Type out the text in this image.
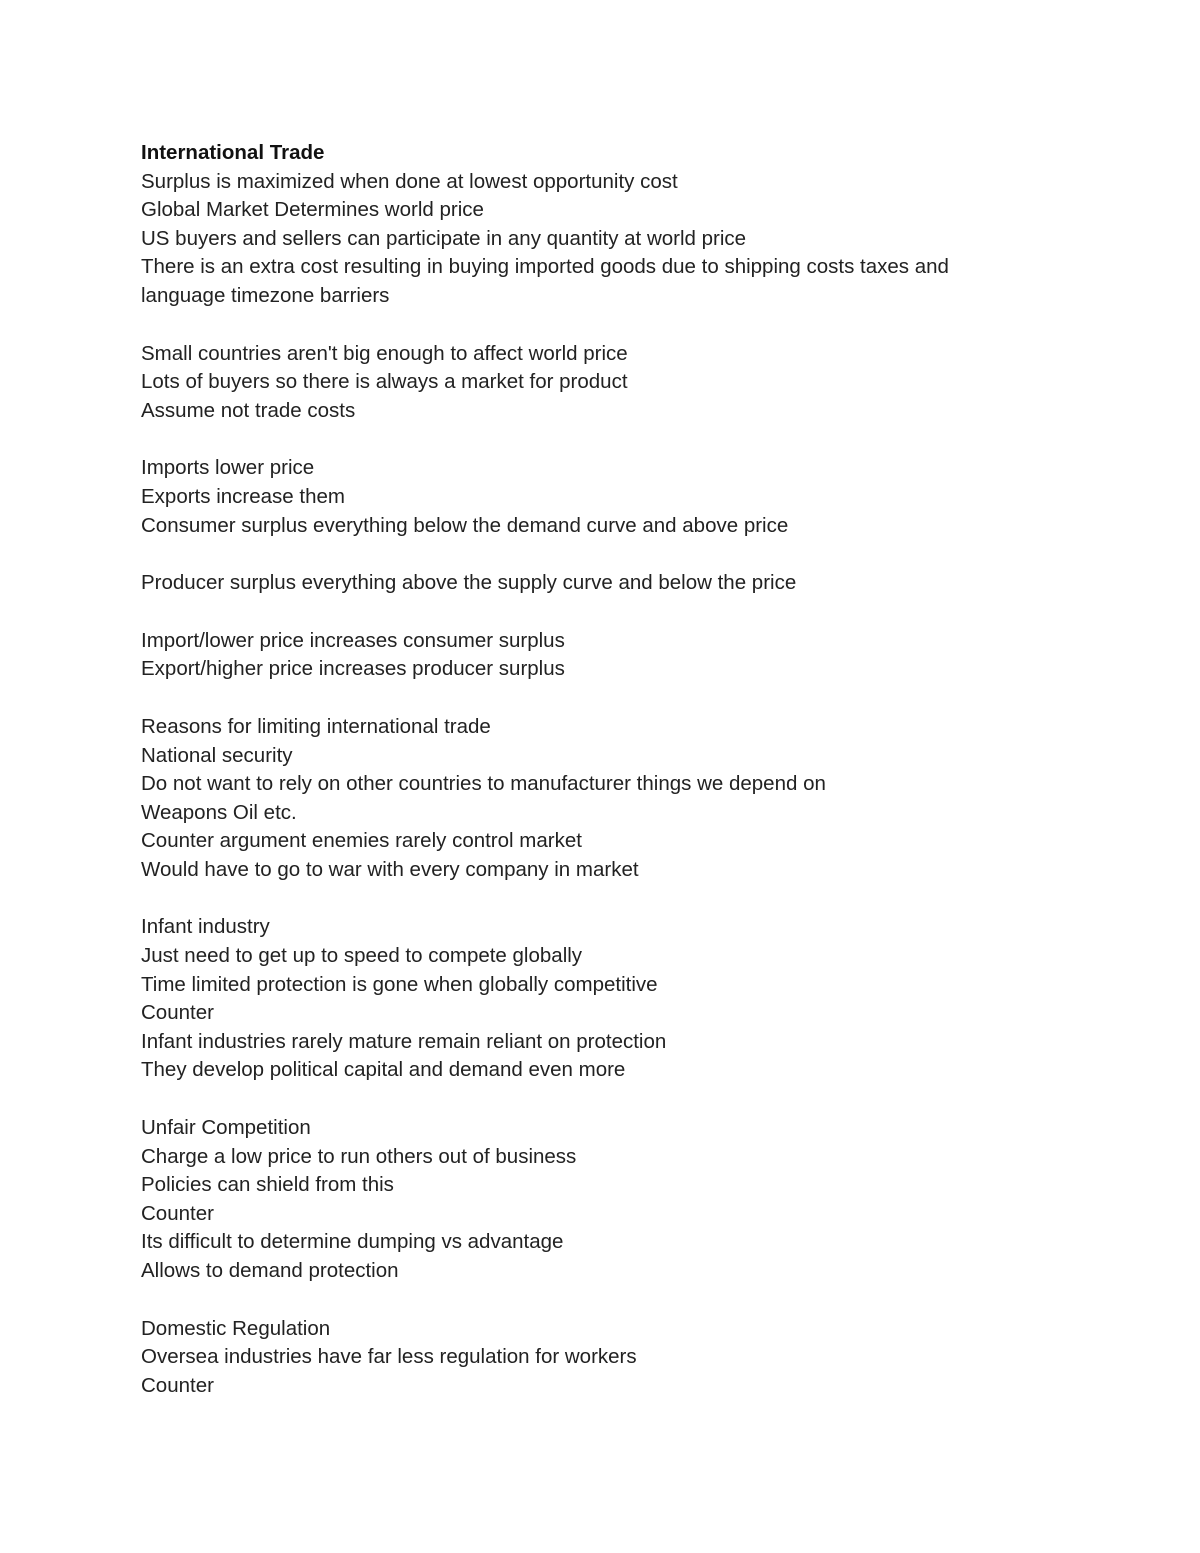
International Trade
Surplus is maximized when done at lowest opportunity cost
Global Market Determines world price
US buyers and sellers can participate in any quantity at world price
There is an extra cost resulting in buying imported goods due to shipping costs taxes and language timezone barriers
Small countries aren't big enough to affect world price
Lots of buyers so there is always a market for product
Assume not trade costs
Imports lower price
Exports increase them
Consumer surplus everything below the demand curve and above price
Producer surplus everything above the supply curve and below the price
Import/lower price increases consumer surplus
Export/higher price increases producer surplus
Reasons for limiting international trade
National security
Do not want to rely on other countries to manufacturer things we depend on
Weapons Oil etc.
Counter argument enemies rarely control market
Would have to go to war with every company in market
Infant industry
Just need to get up to speed to compete globally
Time limited protection is gone when globally competitive
Counter
Infant industries rarely mature remain reliant on protection
They develop political capital and demand even more
Unfair Competition
Charge a low price to run others out of business
Policies can shield from this
Counter
Its difficult to determine dumping vs advantage
Allows to demand protection
Domestic Regulation
Oversea industries have far less regulation for workers
Counter
